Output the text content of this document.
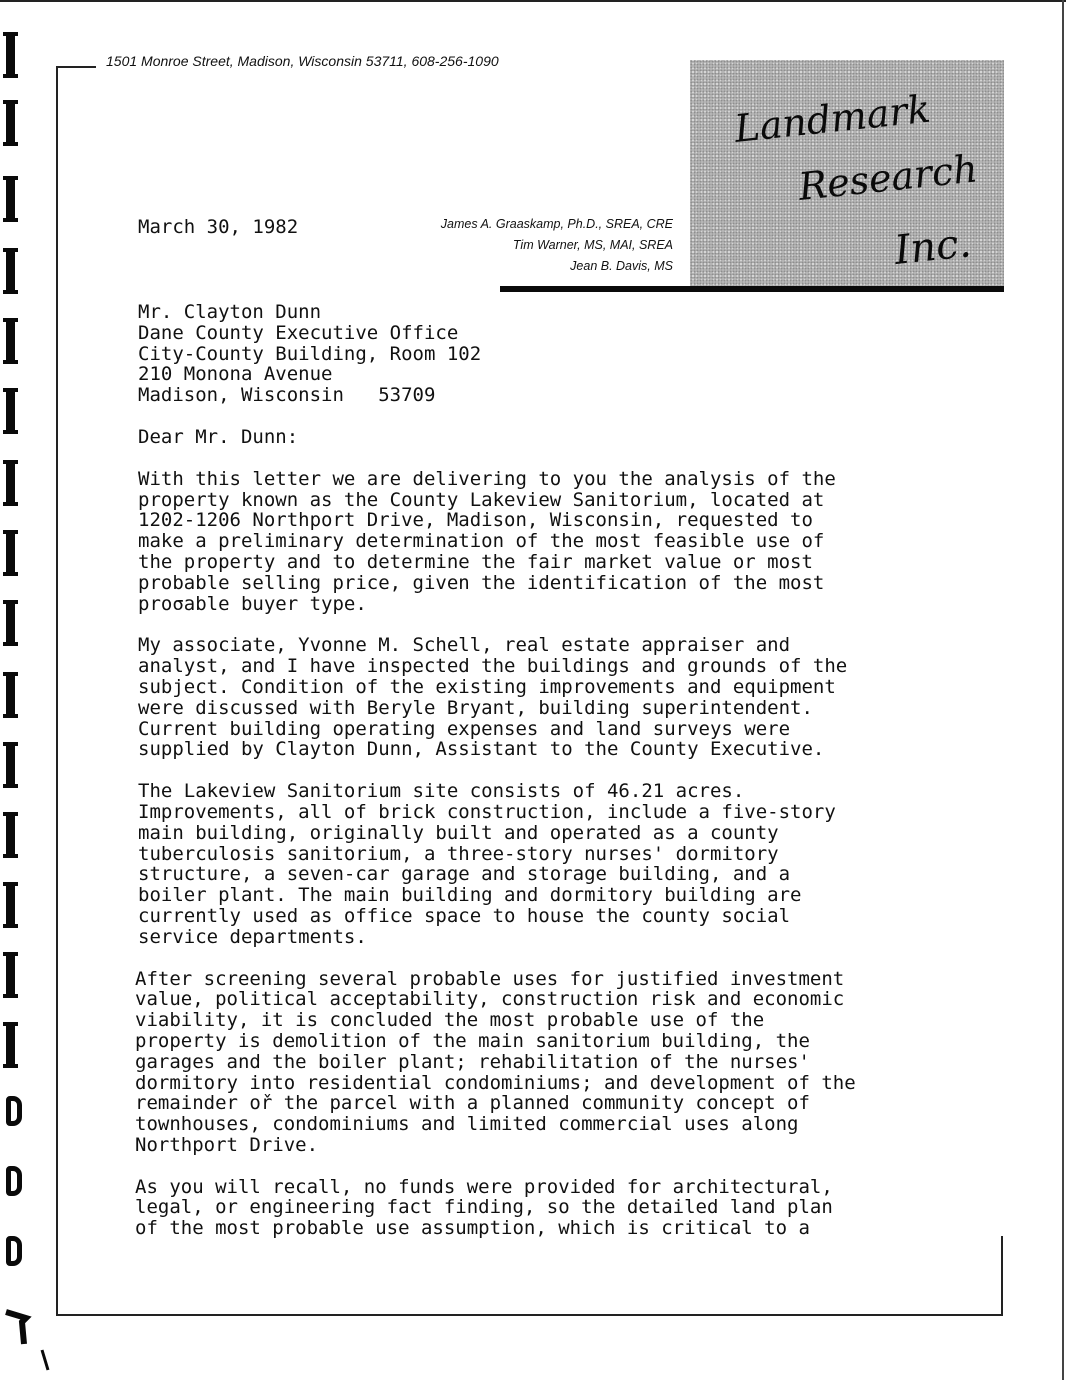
1501 Monroe Street, Madison, Wisconsin 53711, 608-256-1090
Landmark
Research
Inc.
James A. Graaskamp, Ph.D., SREA, CRE
Tim Warner, MS, MAI, SREA
Jean B. Davis, MS
March 30, 1982
Mr. Clayton Dunn
Dane County Executive Office
City-County Building, Room 102
210 Monona Avenue
Madison, Wisconsin   53709
Dear Mr. Dunn:
With this letter we are delivering to you the analysis of the
property known as the County Lakeview Sanitorium, located at
1202-1206 Northport Drive, Madison, Wisconsin, requested to
make a preliminary determination of the most feasible use of
the property and to determine the fair market value or most
probable selling price, given the identification of the most
proσable buyer type.
My associate, Yvonne M. Schell, real estate appraiser and
analyst, and I have inspected the buildings and grounds of the
subject. Condition of the existing improvements and equipment
were discussed with Beryle Bryant, building superintendent.
Current building operating expenses and land surveys were
supplied by Clayton Dunn, Assistant to the County Executive.
The Lakeview Sanitorium site consists of 46.21 acres.
Improvements, all of brick construction, include a five-story
main building, originally built and operated as a county
tuberculosis sanitorium, a three-story nurses' dormitory
structure, a seven-car garage and storage building, and a
boiler plant. The main building and dormitory building are
currently used as office space to house the county social
service departments.
After screening several probable uses for justified investment
value, political acceptability, construction risk and economic
viability, it is concluded the most probable use of the
property is demolition of the main sanitorium building, the
garages and the boiler plant; rehabilitation of the nurses'
dormitory into residential condominiums; and development of the
remainder oř the parcel with a planned community concept of
townhouses, condominiums and limited commercial uses along
Northport Drive.
As you will recall, no funds were provided for architectural,
legal, or engineering fact finding, so the detailed land plan
of the most probable use assumption, which is critical to a
